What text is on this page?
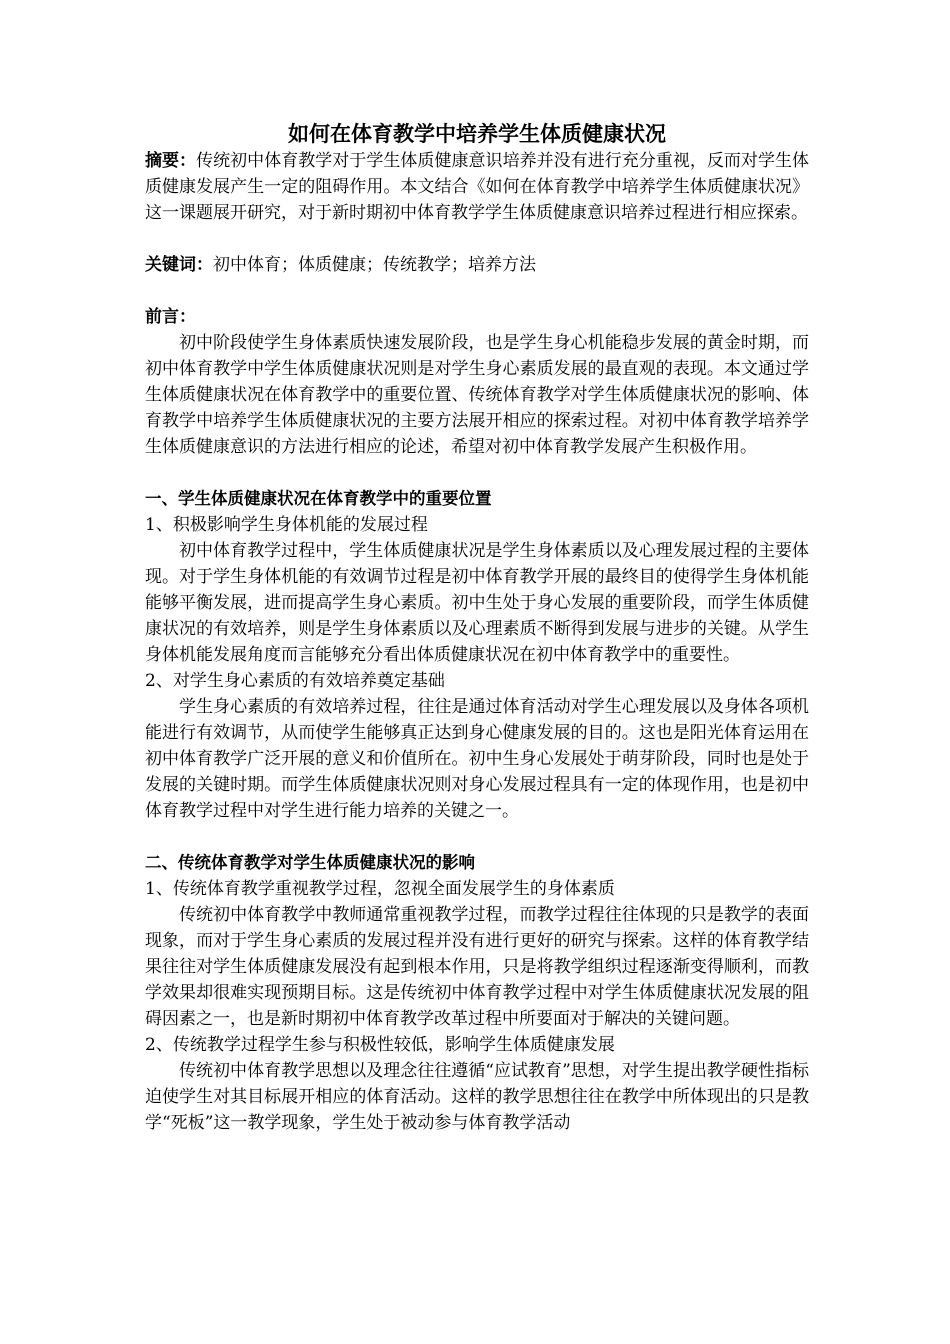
如何在体育教学中培养学生体质健康状况

摘要：传统初中体育教学对于学生体质健康意识培养并没有进行充分重视，反而对学生体质健康发展产生一定的阻碍作用。本文结合《如何在体育教学中培养学生体质健康状况》这一课题展开研究，对于新时期初中体育教学学生体质健康意识培养过程进行相应探索。

关键词：初中体育；体质健康；传统教学；培养方法

前言：

初中阶段使学生身体素质快速发展阶段，也是学生身心机能稳步发展的黄金时期，而初中体育教学中学生体质健康状况则是对学生身心素质发展的最直观的表现。本文通过学生体质健康状况在体育教学中的重要位置、传统体育教学对学生体质健康状况的影响、体育教学中培养学生体质健康状况的主要方法展开相应的探索过程。对初中体育教学培养学生体质健康意识的方法进行相应的论述，希望对初中体育教学发展产生积极作用。

一、学生体质健康状况在体育教学中的重要位置

1、积极影响学生身体机能的发展过程

初中体育教学过程中，学生体质健康状况是学生身体素质以及心理发展过程的主要体现。对于学生身体机能的有效调节过程是初中体育教学开展的最终目的使得学生身体机能能够平衡发展，进而提高学生身心素质。初中生处于身心发展的重要阶段，而学生体质健康状况的有效培养，则是学生身体素质以及心理素质不断得到发展与进步的关键。从学生身体机能发展角度而言能够充分看出体质健康状况在初中体育教学中的重要性。

2、对学生身心素质的有效培养奠定基础

学生身心素质的有效培养过程，往往是通过体育活动对学生心理发展以及身体各项机能进行有效调节，从而使学生能够真正达到身心健康发展的目的。这也是阳光体育运用在初中体育教学广泛开展的意义和价值所在。初中生身心发展处于萌芽阶段，同时也是处于发展的关键时期。而学生体质健康状况则对身心发展过程具有一定的体现作用，也是初中体育教学过程中对学生进行能力培养的关键之一。

二、传统体育教学对学生体质健康状况的影响

1、传统体育教学重视教学过程，忽视全面发展学生的身体素质

传统初中体育教学中教师通常重视教学过程，而教学过程往往体现的只是教学的表面现象，而对于学生身心素质的发展过程并没有进行更好的研究与探索。这样的体育教学结果往往对学生体质健康发展没有起到根本作用，只是将教学组织过程逐渐变得顺利，而教学效果却很难实现预期目标。这是传统初中体育教学过程中对学生体质健康状况发展的阻碍因素之一，也是新时期初中体育教学改革过程中所要面对于解决的关键问题。

2、传统教学过程学生参与积极性较低，影响学生体质健康发展

传统初中体育教学思想以及理念往往遵循“应试教育”思想，对学生提出教学硬性指标迫使学生对其目标展开相应的体育活动。这样的教学思想往往在教学中所体现出的只是教学“死板”这一教学现象，学生处于被动参与体育教学活动
